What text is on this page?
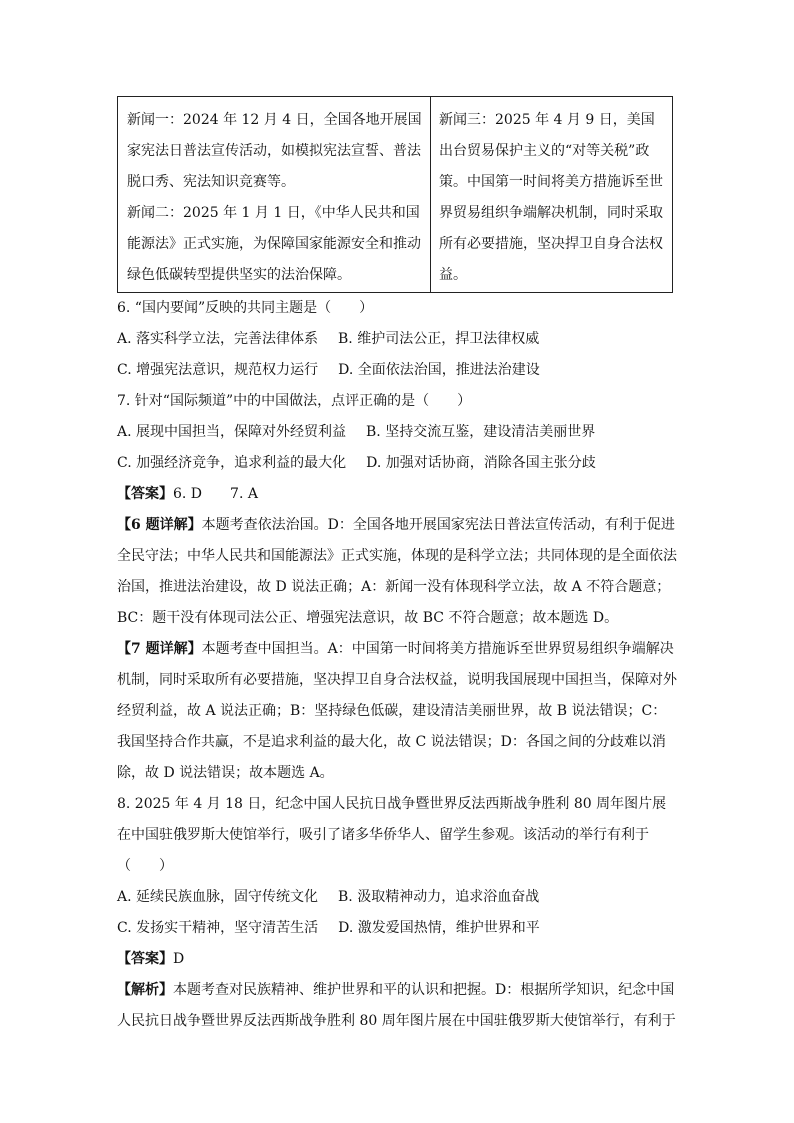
新闻一：2024 年 12 月 4 日，全国各地开展国家宪法日普法宣传活动，如模拟宪法宣誓、普法脱口秀、宪法知识竞赛等。

新闻二：2025 年 1 月 1 日，《中华人民共和国能源法》正式实施，为保障国家能源安全和推动绿色低碳转型提供坚实的法治保障。

新闻三：2025 年 4 月 9 日，美国出台贸易保护主义的“对等关税”政策。中国第一时间将美方措施诉至世界贸易组织争端解决机制，同时采取所有必要措施，坚决捍卫自身合法权益。

6. “国内要闻”反映的共同主题是（　　）

A. 落实科学立法，完善法律体系 B. 维护司法公正，捍卫法律权威
C. 增强宪法意识，规范权力运行 D. 全面依法治国，推进法治建设

7. 针对“国际频道”中的中国做法，点评正确的是（　　）

A. 展现中国担当，保障对外经贸利益 B. 坚持交流互鉴，建设清洁美丽世界
C. 加强经济竞争，追求利益的最大化 D. 加强对话协商，消除各国主张分歧

【答案】6. D　　7. A

【6 题详解】本题考查依法治国。D：全国各地开展国家宪法日普法宣传活动，有利于促进全民守法；中华人民共和国能源法》正式实施，体现的是科学立法；共同体现的是全面依法治国，推进法治建设，故 D 说法正确；A：新闻一没有体现科学立法，故 A 不符合题意；BC：题干没有体现司法公正、增强宪法意识，故 BC 不符合题意；故本题选 D。

【7 题详解】本题考查中国担当。A：中国第一时间将美方措施诉至世界贸易组织争端解决机制，同时采取所有必要措施，坚决捍卫自身合法权益，说明我国展现中国担当，保障对外经贸利益，故 A 说法正确；B：坚持绿色低碳，建设清洁美丽世界，故 B 说法错误；C：我国坚持合作共赢，不是追求利益的最大化，故 C 说法错误；D：各国之间的分歧难以消除，故 D 说法错误；故本题选 A。

8. 2025 年 4 月 18 日，纪念中国人民抗日战争暨世界反法西斯战争胜利 80 周年图片展在中国驻俄罗斯大使馆举行，吸引了诸多华侨华人、留学生参观。该活动的举行有利于（　　）

A. 延续民族血脉，固守传统文化 B. 汲取精神动力，追求浴血奋战
C. 发扬实干精神，坚守清苦生活 D. 激发爱国热情，维护世界和平

【答案】D

【解析】本题考查对民族精神、维护世界和平的认识和把握。D：根据所学知识，纪念中国人民抗日战争暨世界反法西斯战争胜利 80 周年图片展在中国驻俄罗斯大使馆举行，有利于
